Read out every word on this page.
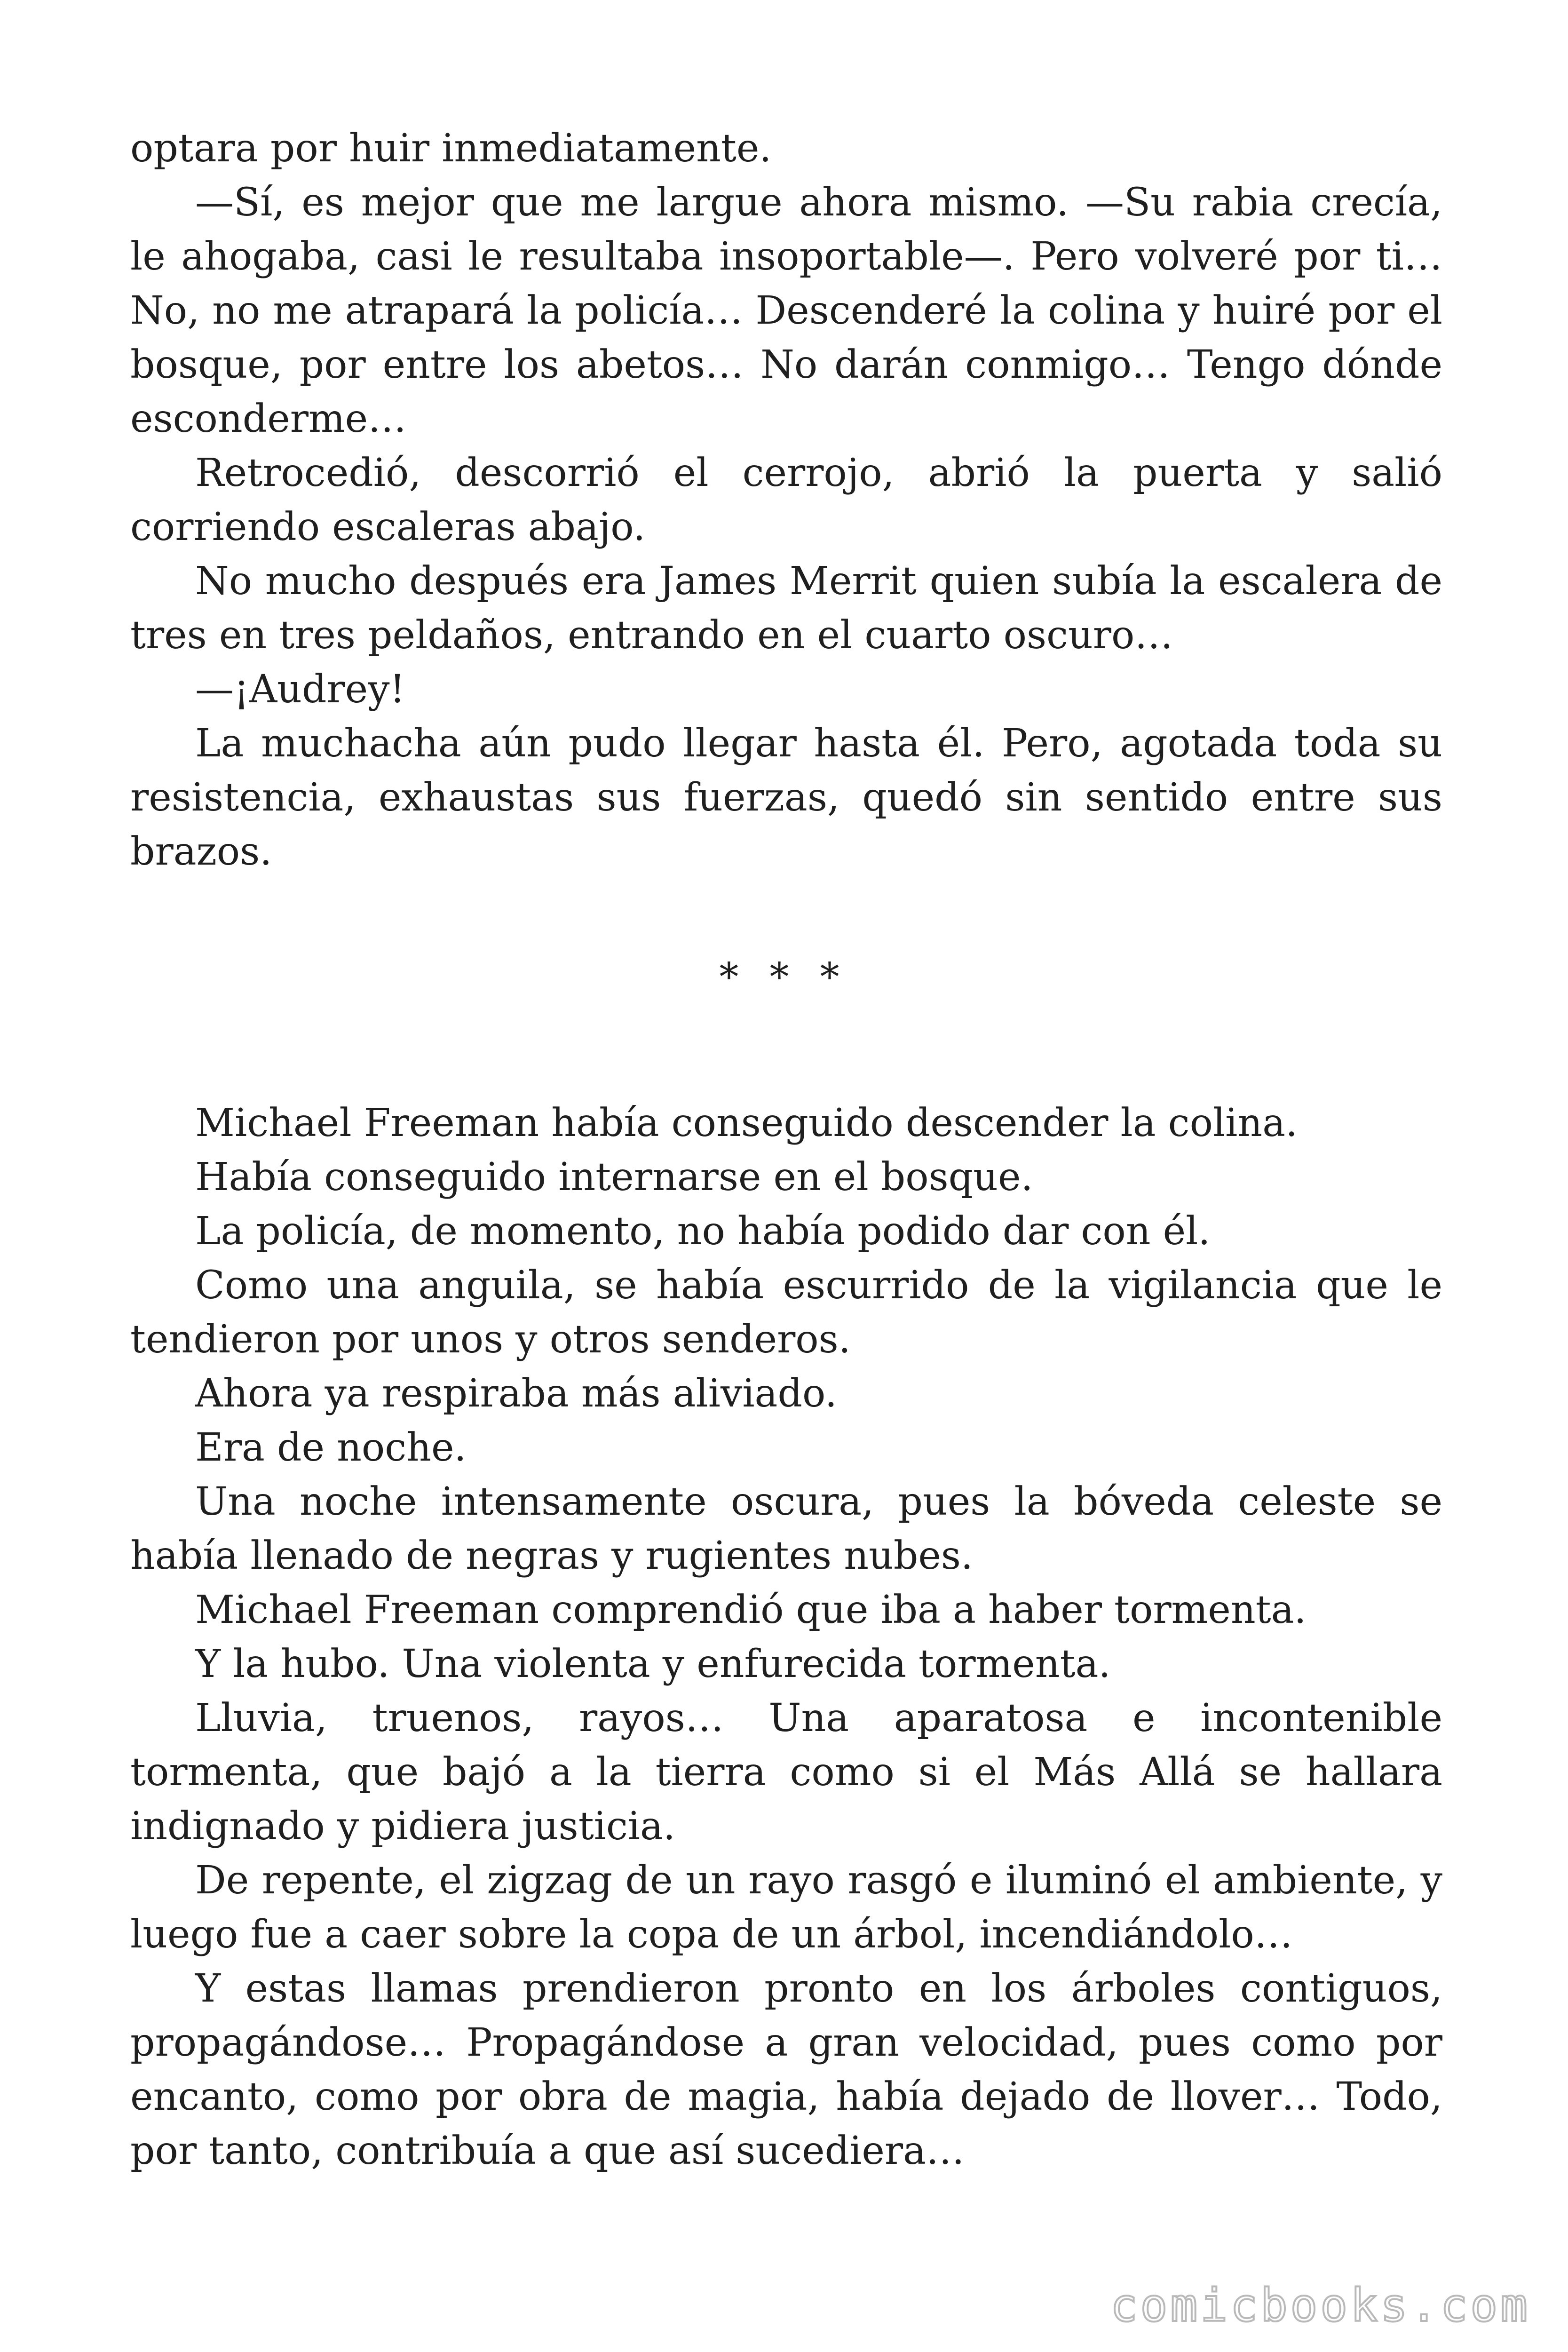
optara por huir inmediatamente.

—Sí, es mejor que me largue ahora mismo. —Su rabia crecía, le ahogaba, casi le resultaba insoportable—. Pero volveré por ti… No, no me atrapará la policía… Descenderé la colina y huiré por el bosque, por entre los abetos… No darán conmigo… Tengo dónde esconderme…

Retrocedió, descorrió el cerrojo, abrió la puerta y salió corriendo escaleras abajo.

No mucho después era James Merrit quien subía la escalera de tres en tres peldaños, entrando en el cuarto oscuro…

—¡Audrey!

La muchacha aún pudo llegar hasta él. Pero, agotada toda su resistencia, exhaustas sus fuerzas, quedó sin sentido entre sus brazos.

* * *

Michael Freeman había conseguido descender la colina.

Había conseguido internarse en el bosque.

La policía, de momento, no había podido dar con él.

Como una anguila, se había escurrido de la vigilancia que le tendieron por unos y otros senderos.

Ahora ya respiraba más aliviado.

Era de noche.

Una noche intensamente oscura, pues la bóveda celeste se había llenado de negras y rugientes nubes.

Michael Freeman comprendió que iba a haber tormenta.

Y la hubo. Una violenta y enfurecida tormenta.

Lluvia, truenos, rayos… Una aparatosa e incontenible tormenta, que bajó a la tierra como si el Más Allá se hallara indignado y pidiera justicia.

De repente, el zigzag de un rayo rasgó e iluminó el ambiente, y luego fue a caer sobre la copa de un árbol, incendiándolo…

Y estas llamas prendieron pronto en los árboles contiguos, propagándose… Propagándose a gran velocidad, pues como por encanto, como por obra de magia, había dejado de llover… Todo, por tanto, contribuía a que así sucediera…

comicbooks.com
